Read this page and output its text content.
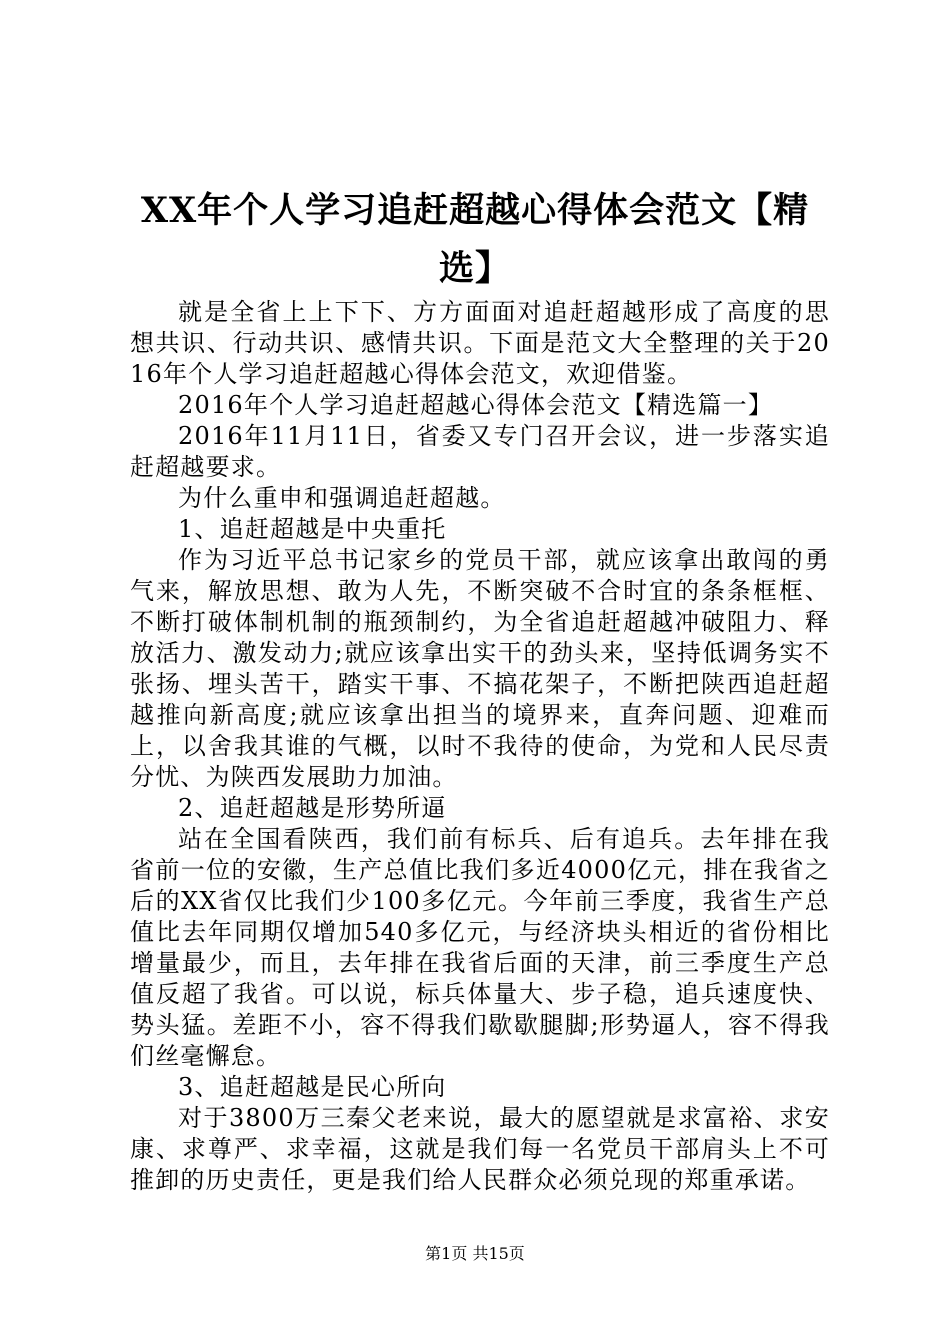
XX年个人学习追赶超越心得体会范文【精选】

就是全省上上下下、方方面面对追赶超越形成了高度的思想共识、行动共识、感情共识。下面是范文大全整理的关于2016年个人学习追赶超越心得体会范文，欢迎借鉴。

2016年个人学习追赶超越心得体会范文【精选篇一】

2016年11月11日，省委又专门召开会议，进一步落实追赶超越要求。

为什么重申和强调追赶超越。

1、追赶超越是中央重托

作为习近平总书记家乡的党员干部，就应该拿出敢闯的勇气来，解放思想、敢为人先，不断突破不合时宜的条条框框、不断打破体制机制的瓶颈制约，为全省追赶超越冲破阻力、释放活力、激发动力;就应该拿出实干的劲头来，坚持低调务实不张扬、埋头苦干，踏实干事、不搞花架子，不断把陕西追赶超越推向新高度;就应该拿出担当的境界来，直奔问题、迎难而上，以舍我其谁的气概，以时不我待的使命，为党和人民尽责分忧、为陕西发展助力加油。

2、追赶超越是形势所逼

站在全国看陕西，我们前有标兵、后有追兵。去年排在我省前一位的安徽，生产总值比我们多近4000亿元，排在我省之后的XX省仅比我们少100多亿元。今年前三季度，我省生产总值比去年同期仅增加540多亿元，与经济块头相近的省份相比增量最少，而且，去年排在我省后面的天津，前三季度生产总值反超了我省。可以说，标兵体量大、步子稳，追兵速度快、势头猛。差距不小，容不得我们歇歇腿脚;形势逼人，容不得我们丝毫懈怠。

3、追赶超越是民心所向

对于3800万三秦父老来说，最大的愿望就是求富裕、求安康、求尊严、求幸福，这就是我们每一名党员干部肩头上不可推卸的历史责任，更是我们给人民群众必须兑现的郑重承诺。

第1页 共15页
